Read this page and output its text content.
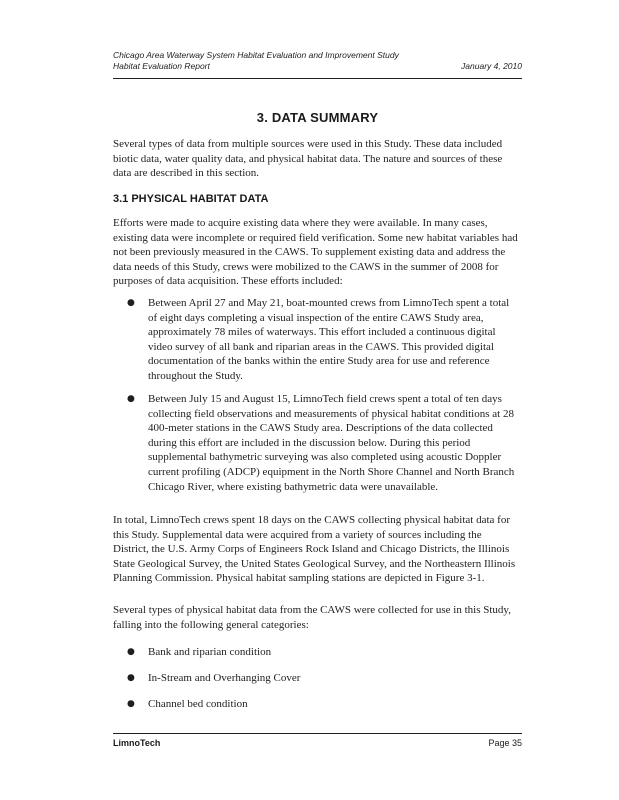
Chicago Area Waterway System Habitat Evaluation and Improvement Study
Habitat Evaluation Report	January 4, 2010
3. DATA SUMMARY

Several types of data from multiple sources were used in this Study. These data included biotic data, water quality data, and physical habitat data. The nature and sources of these data are described in this section.

3.1 PHYSICAL HABITAT DATA

Efforts were made to acquire existing data where they were available. In many cases, existing data were incomplete or required field verification. Some new habitat variables had not been previously measured in the CAWS. To supplement existing data and address the data needs of this Study, crews were mobilized to the CAWS in the summer of 2008 for purposes of data acquisition. These efforts included:

●	Between April 27 and May 21, boat-mounted crews from LimnoTech spent a total of eight days completing a visual inspection of the entire CAWS Study area, approximately 78 miles of waterways. This effort included a continuous digital video survey of all bank and riparian areas in the CAWS. This provided digital documentation of the banks within the entire Study area for use and reference throughout the Study.
●	Between July 15 and August 15, LimnoTech field crews spent a total of ten days collecting field observations and measurements of physical habitat conditions at 28 400-meter stations in the CAWS Study area. Descriptions of the data collected during this effort are included in the discussion below. During this period supplemental bathymetric surveying was also completed using acoustic Doppler current profiling (ADCP) equipment in the North Shore Channel and North Branch Chicago River, where existing bathymetric data were unavailable.

In total, LimnoTech crews spent 18 days on the CAWS collecting physical habitat data for this Study. Supplemental data were acquired from a variety of sources including the District, the U.S. Army Corps of Engineers Rock Island and Chicago Districts, the Illinois State Geological Survey, the United States Geological Survey, and the Northeastern Illinois Planning Commission. Physical habitat sampling stations are depicted in Figure 3-1.

Several types of physical habitat data from the CAWS were collected for use in this Study, falling into the following general categories:

●	Bank and riparian condition
●	In-Stream and Overhanging Cover
●	Channel bed condition
LimnoTech	Page 35
